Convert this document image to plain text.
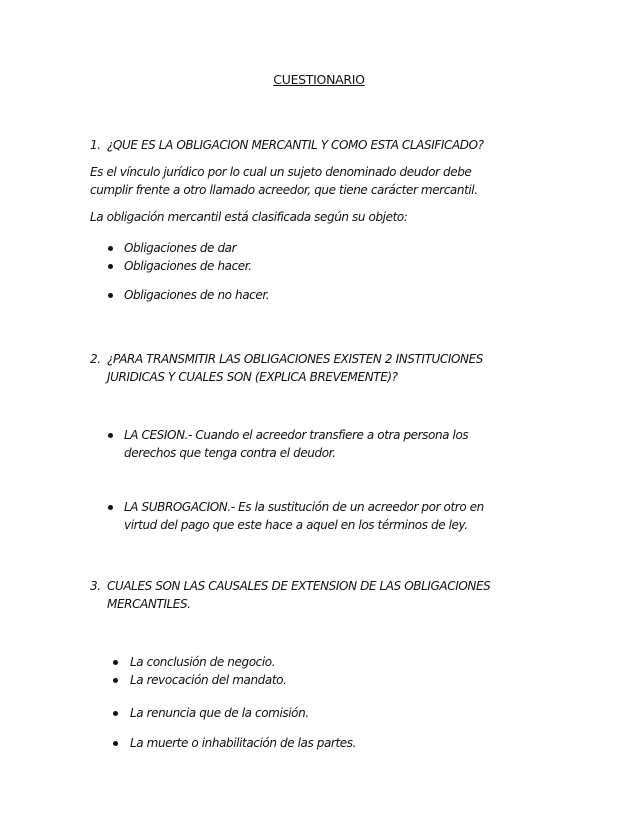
CUESTIONARIO
1. ¿QUE ES LA OBLIGACION MERCANTIL Y COMO ESTA CLASIFICADO?
Es el vínculo jurídico por lo cual un sujeto denominado deudor debe
cumplir frente a otro llamado acreedor, que tiene carácter mercantil.
La obligación mercantil está clasificada según su objeto:
Obligaciones de dar
Obligaciones de hacer.
Obligaciones de no hacer.
2. ¿PARA TRANSMITIR LAS OBLIGACIONES EXISTEN 2 INSTITUCIONES
JURIDICAS Y CUALES SON (EXPLICA BREVEMENTE)?
LA CESION.- Cuando el acreedor transfiere a otra persona los
derechos que tenga contra el deudor.
LA SUBROGACION.- Es la sustitución de un acreedor por otro en
virtud del pago que este hace a aquel en los términos de ley.
3. CUALES SON LAS CAUSALES DE EXTENSION DE LAS OBLIGACIONES
MERCANTILES.
La conclusión de negocio.
La revocación del mandato.
La renuncia que de la comisión.
La muerte o inhabilitación de las partes.
